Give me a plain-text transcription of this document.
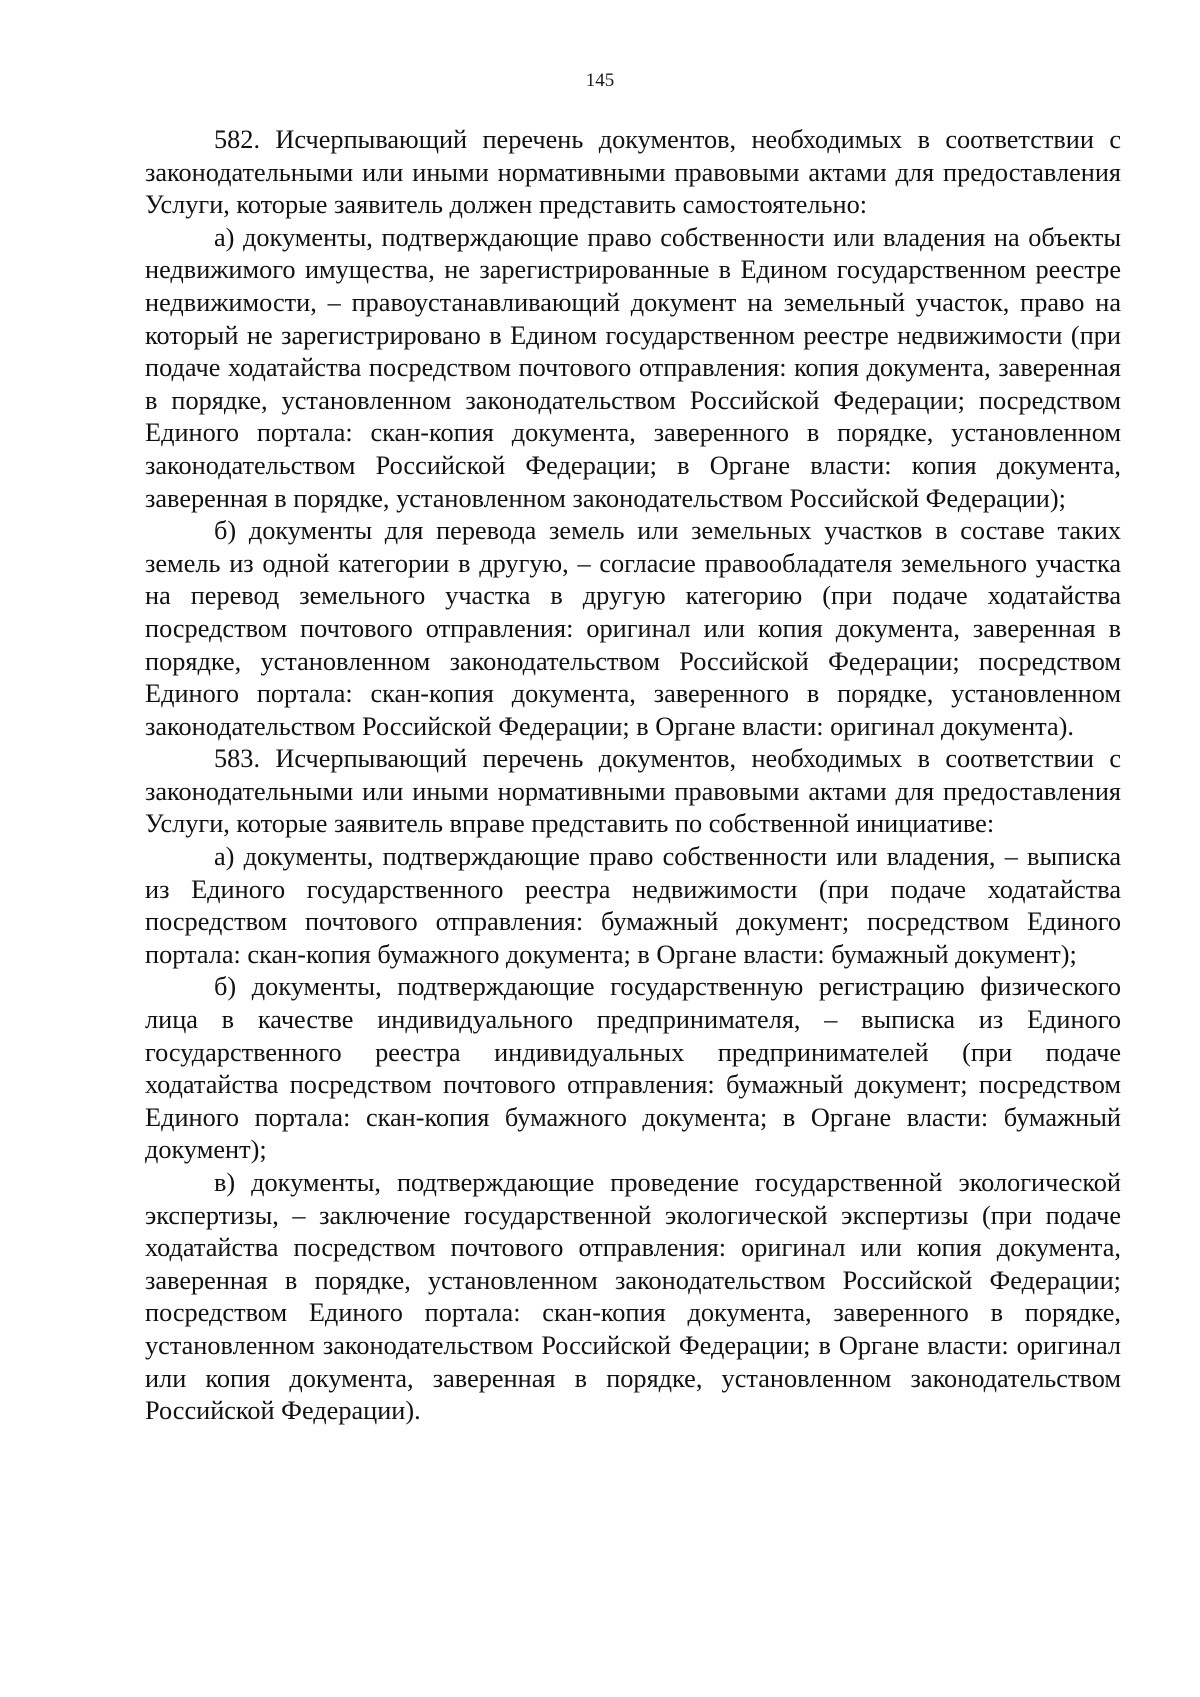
145

582. Исчерпывающий перечень документов, необходимых в соответствии с законодательными или иными нормативными правовыми актами для предоставления Услуги, которые заявитель должен представить самостоятельно:

а) документы, подтверждающие право собственности или владения на объекты недвижимого имущества, не зарегистрированные в Едином государственном реестре недвижимости, – правоустанавливающий документ на земельный участок, право на который не зарегистрировано в Едином государственном реестре недвижимости (при подаче ходатайства посредством почтового отправления: копия документа, заверенная в порядке, установленном законодательством Российской Федерации; посредством Единого портала: скан-копия документа, заверенного в порядке, установленном законодательством Российской Федерации; в Органе власти: копия документа, заверенная в порядке, установленном законодательством Российской Федерации);

б) документы для перевода земель или земельных участков в составе таких земель из одной категории в другую, – согласие правообладателя земельного участка на перевод земельного участка в другую категорию (при подаче ходатайства посредством почтового отправления: оригинал или копия документа, заверенная в порядке, установленном законодательством Российской Федерации; посредством Единого портала: скан-копия документа, заверенного в порядке, установленном законодательством Российской Федерации; в Органе власти: оригинал документа).

583. Исчерпывающий перечень документов, необходимых в соответствии с законодательными или иными нормативными правовыми актами для предоставления Услуги, которые заявитель вправе представить по собственной инициативе:

а) документы, подтверждающие право собственности или владения, – выписка из Единого государственного реестра недвижимости (при подаче ходатайства посредством почтового отправления: бумажный документ; посредством Единого портала: скан-копия бумажного документа; в Органе власти: бумажный документ);

б) документы, подтверждающие государственную регистрацию физического лица в качестве индивидуального предпринимателя, – выписка из Единого государственного реестра индивидуальных предпринимателей (при подаче ходатайства посредством почтового отправления: бумажный документ; посредством Единого портала: скан-копия бумажного документа; в Органе власти: бумажный документ);

в) документы, подтверждающие проведение государственной экологической экспертизы, – заключение государственной экологической экспертизы (при подаче ходатайства посредством почтового отправления: оригинал или копия документа, заверенная в порядке, установленном законодательством Российской Федерации; посредством Единого портала: скан-копия документа, заверенного в порядке, установленном законодательством Российской Федерации; в Органе власти: оригинал или копия документа, заверенная в порядке, установленном законодательством Российской Федерации).
